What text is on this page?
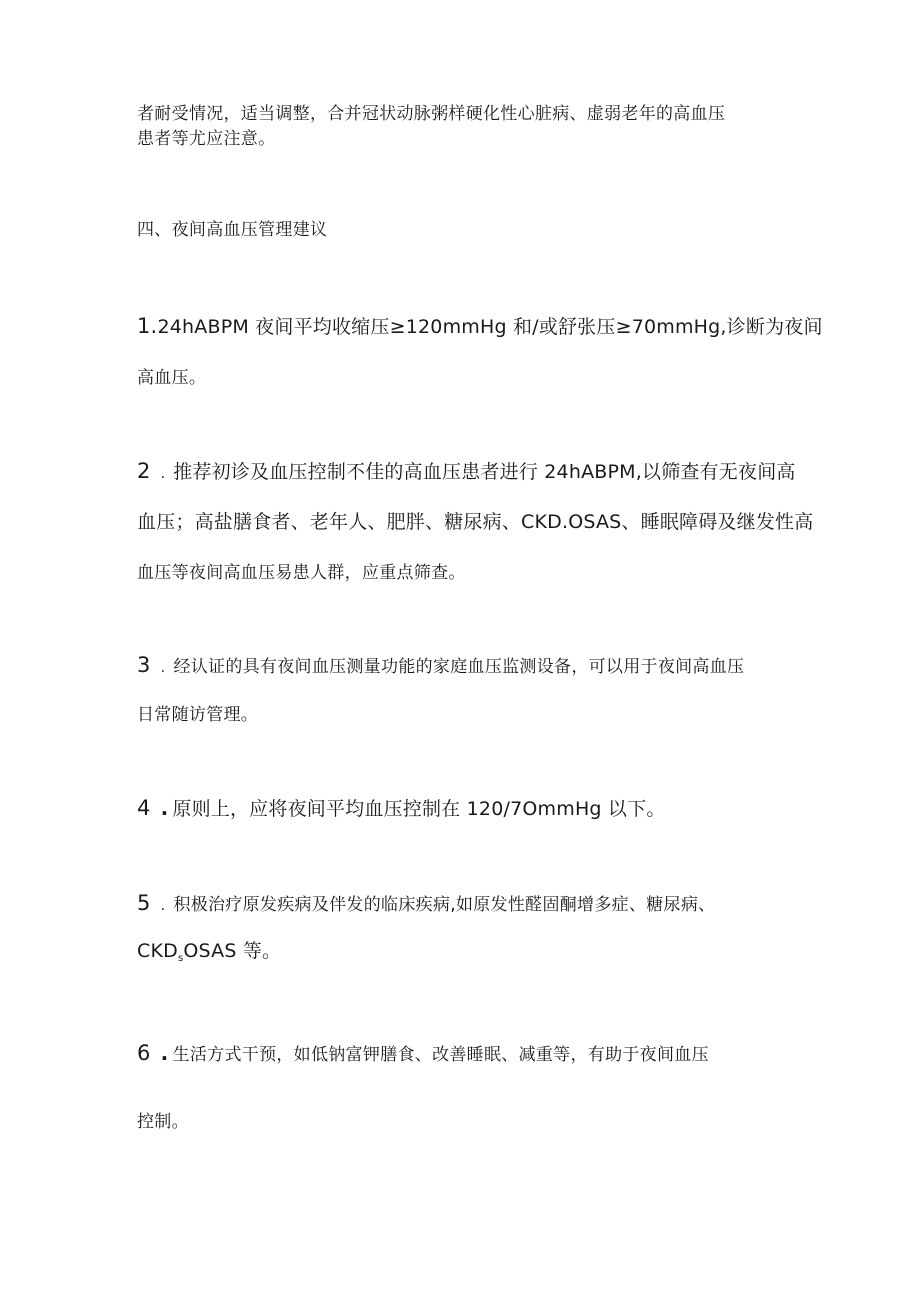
者耐受情况，适当调整，合并冠状动脉粥样硬化性心脏病、虚弱老年的高血压
患者等尤应注意。
四、夜间高血压管理建议
1.24hABPM 夜间平均收缩压≥120mmHg 和/或舒张压≥70mmHg,诊断为夜间
高血压。
2 . 推荐初诊及血压控制不佳的高血压患者进行 24hABPM,以筛查有无夜间高
血压；高盐膳食者、老年人、肥胖、糖尿病、CKD.OSAS、睡眠障碍及继发性高
血压等夜间高血压易患人群，应重点筛查。
3 . 经认证的具有夜间血压测量功能的家庭血压监测设备，可以用于夜间高血压
日常随访管理。
4 . 原则上，应将夜间平均血压控制在 120/7OmmHg 以下。
5 . 积极治疗原发疾病及伴发的临床疾病,如原发性醛固酮增多症、糖尿病、
$CKD_sOSAS$ 等。
6 . 生活方式干预，如低钠富钾膳食、改善睡眠、减重等，有助于夜间血压
控制。
